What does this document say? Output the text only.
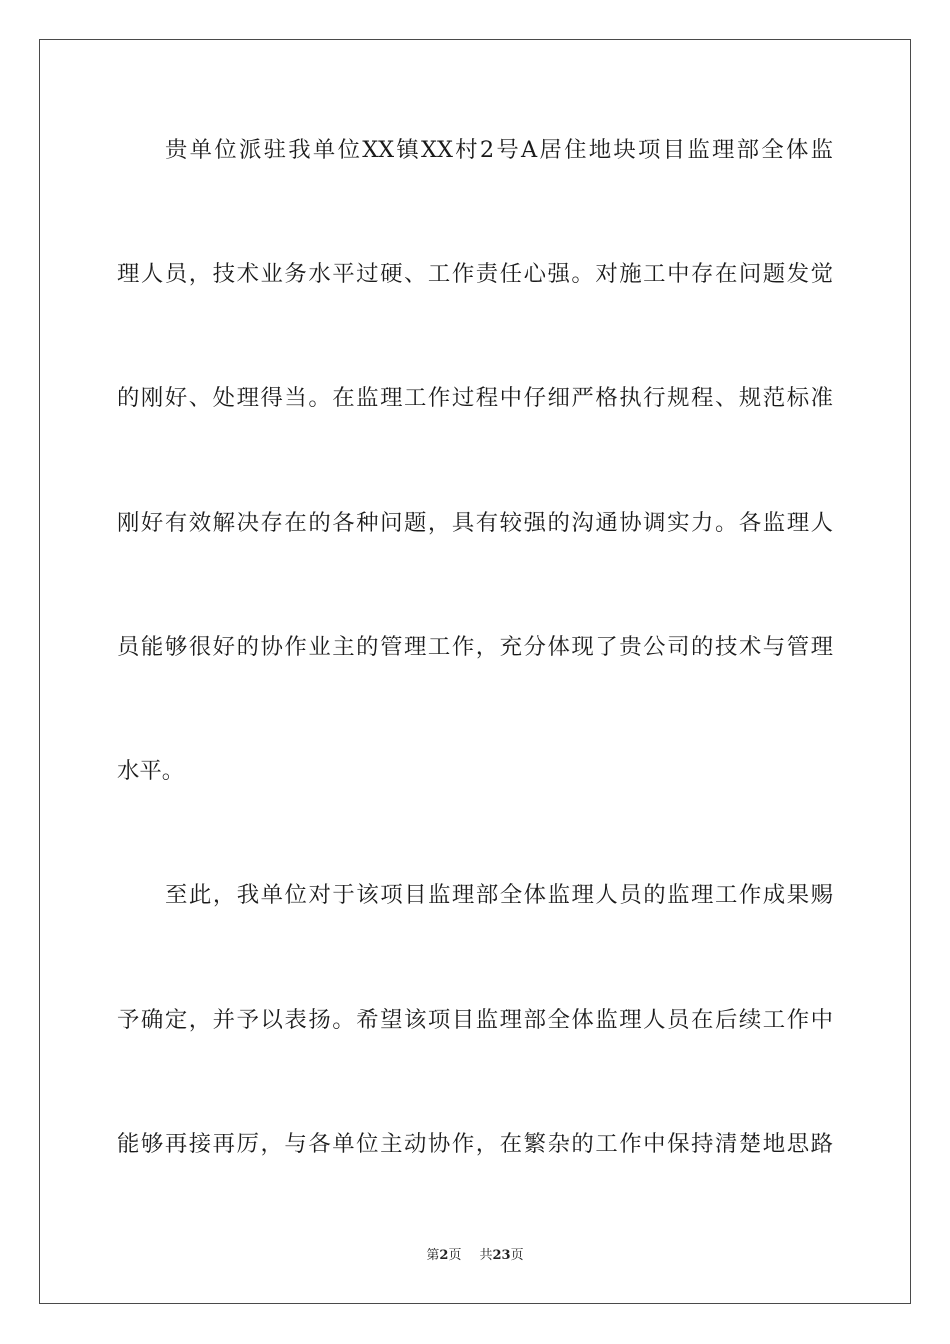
贵单位派驻我单位XX镇XX村2号A居住地块项目监理部全体监
理人员，技术业务水平过硬、工作责任心强。对施工中存在问题发觉
的刚好、处理得当。在监理工作过程中仔细严格执行规程、规范标准
刚好有效解决存在的各种问题，具有较强的沟通协调实力。各监理人
员能够很好的协作业主的管理工作，充分体现了贵公司的技术与管理
水平。
至此，我单位对于该项目监理部全体监理人员的监理工作成果赐
予确定，并予以表扬。希望该项目监理部全体监理人员在后续工作中
能够再接再厉，与各单位主动协作，在繁杂的工作中保持清楚地思路
第2页 共23页
